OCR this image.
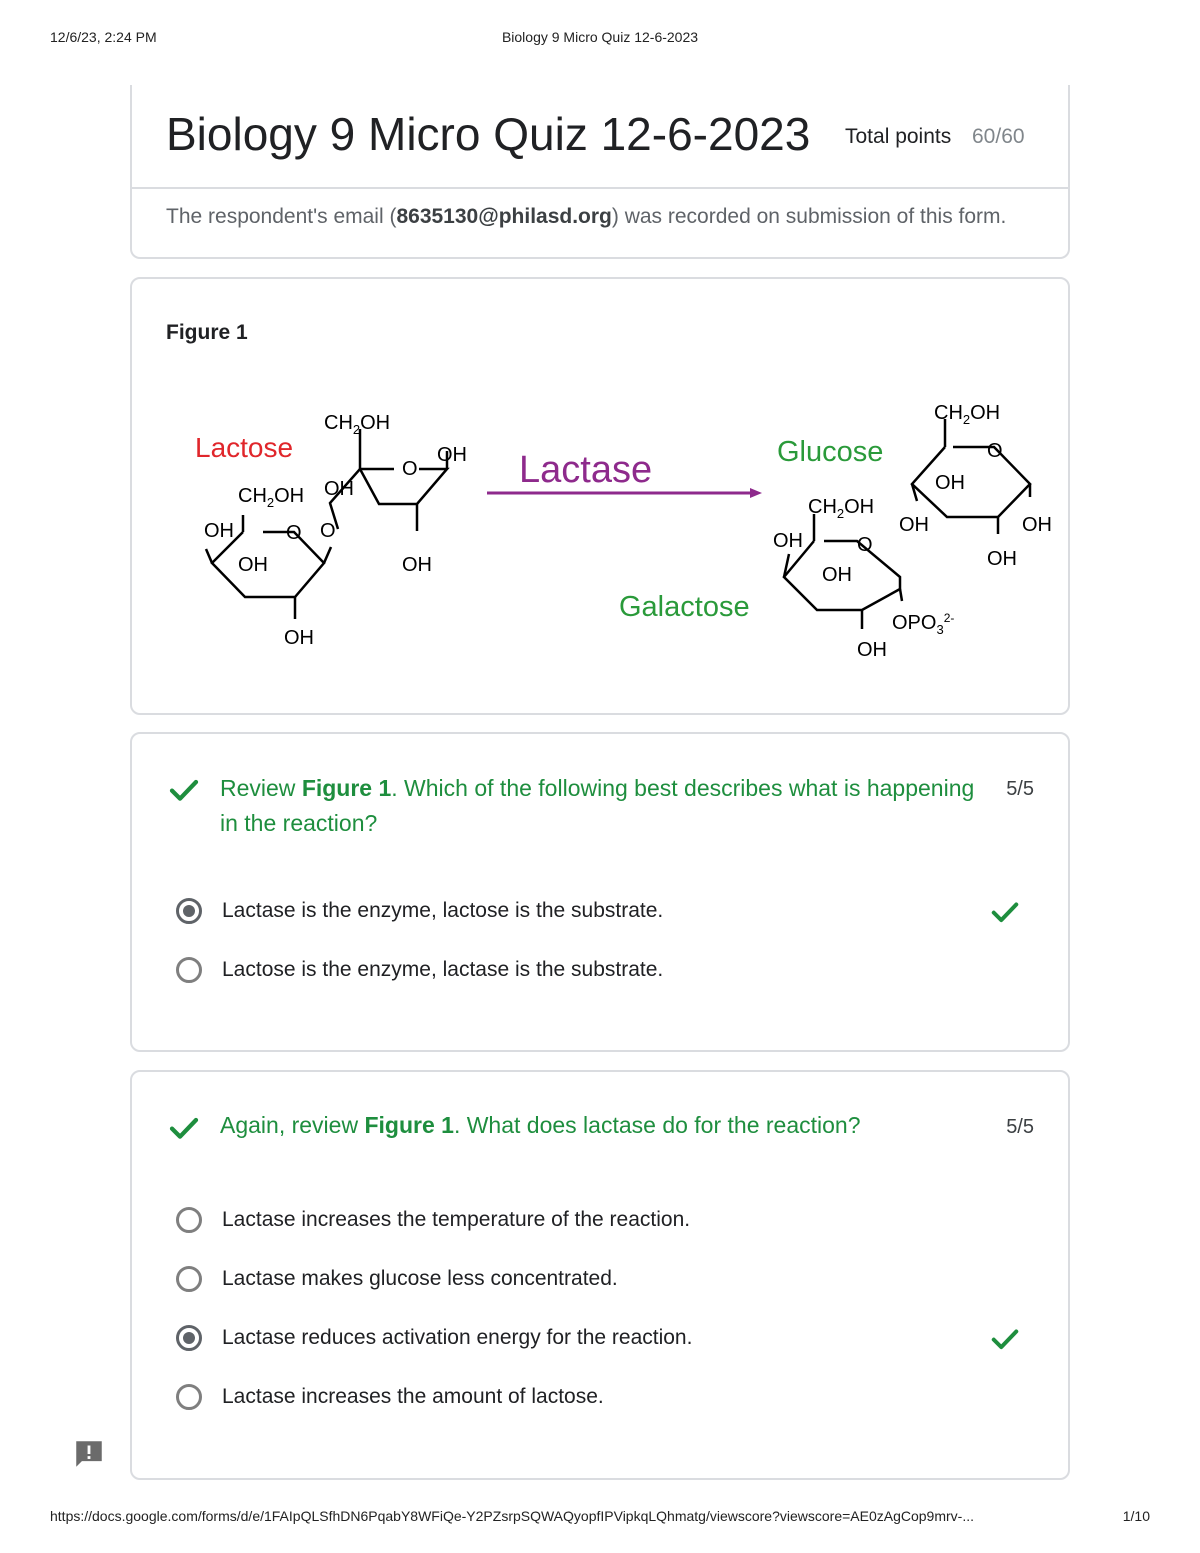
12/6/23, 2:24 PM	Biology 9 Micro Quiz 12-6-2023
Biology 9 Micro Quiz 12-6-2023 Total points 60/60
The respondent's email (8635130@philasd.org) was recorded on submission of this form.
Figure 1
Lactose
Lactase	Glucose
Galactose
$CH_2OH$
O
OH
OH
OH
$CH_2OH$
OH	O O
OH
OH
$CH_2OH$
O
OH
OH	OH
OH
$CH_2OH$
OH	O
OH
$OPO_3^{2-}$
OH
Review Figure 1. Which of the following best describes what is happening in the reaction?
5/5
Lactase is the enzyme, lactose is the substrate.
Lactose is the enzyme, lactase is the substrate.
Again, review Figure 1. What does lactase do for the reaction?	5/5
Lactase increases the temperature of the reaction.
Lactase makes glucose less concentrated.
Lactase reduces activation energy for the reaction.
Lactase increases the amount of lactose.
https://docs.google.com/forms/d/e/1FAIpQLSfhDN6PqabY8WFiQe-Y2PZsrpSQWAQyopfIPVipkqLQhmatg/viewscore?viewscore=AE0zAgCop9mrv-...	1/10
